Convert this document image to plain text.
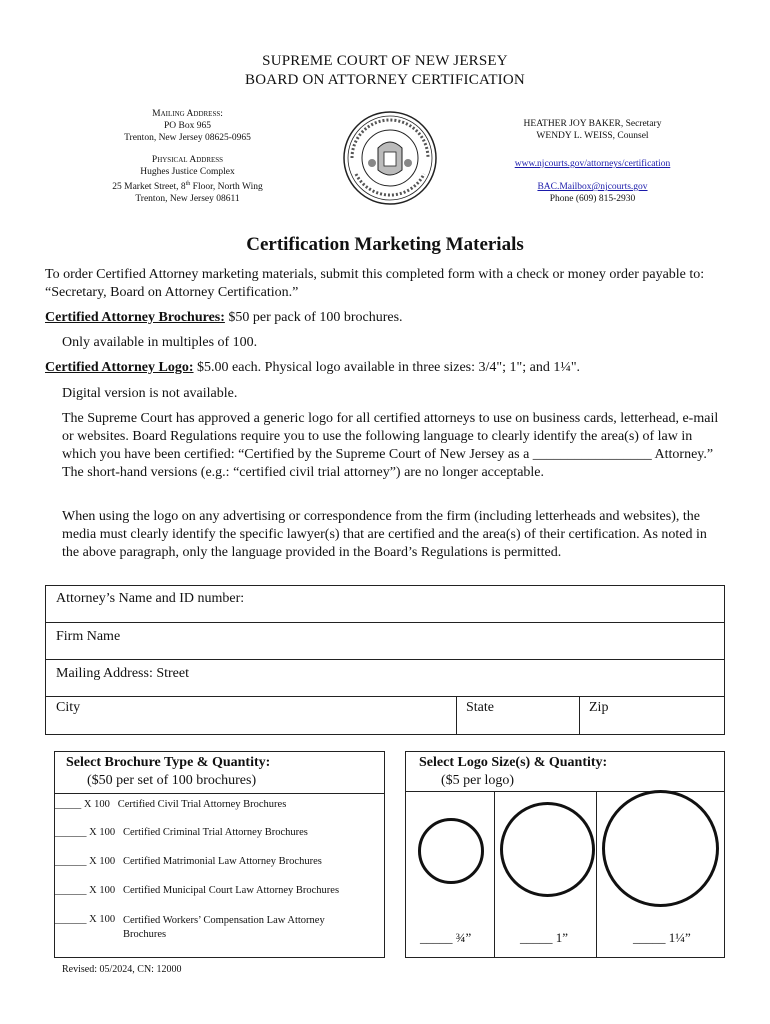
SUPREME COURT OF NEW JERSEY
BOARD ON ATTORNEY CERTIFICATION
Mailing Address:
PO Box 965
Trenton, New Jersey 08625-0965
Physical Address
Hughes Justice Complex
25 Market Street, 8th Floor, North Wing
Trenton, New Jersey 08611
HEATHER JOY BAKER, Secretary
WENDY L. WEISS, Counsel
www.njcourts.gov/attorneys/certification
BAC.Mailbox@njcourts.gov
Phone (609) 815-2930
Certification Marketing Materials
To order Certified Attorney marketing materials, submit this completed form with a check or money order payable to: “Secretary, Board on Attorney Certification.”
Certified Attorney Brochures: $50 per pack of 100 brochures.
Only available in multiples of 100.
Certified Attorney Logo: $5.00 each. Physical logo available in three sizes: 3/4"; 1"; and 1¼".
Digital version is not available.
The Supreme Court has approved a generic logo for all certified attorneys to use on business cards, letterhead, e-mail or websites. Board Regulations require you to use the following language to clearly identify the area(s) of law in which you have been certified: “Certified by the Supreme Court of New Jersey as a _________________ Attorney.” The short-hand versions (e.g.: “certified civil trial attorney”) are no longer acceptable.
When using the logo on any advertising or correspondence from the firm (including letterheads and websites), the media must clearly identify the specific lawyer(s) that are certified and the area(s) of their certification. As noted in the above paragraph, only the language provided in the Board’s Regulations is permitted.
Attorney’s Name and ID number:
Firm Name
Mailing Address: Street
City	State	Zip
Select Brochure Type & Quantity:
($50 per set of 100 brochures)
_____ X 100 Certified Civil Trial Attorney Brochures
______ X 100 Certified Criminal Trial Attorney Brochures
______ X 100 Certified Matrimonial Law Attorney Brochures
______ X 100 Certified Municipal Court Law Attorney Brochures
______ X 100 Certified Workers’ Compensation Law Attorney Brochures
Select Logo Size(s) & Quantity:
($5 per logo)
_____ ¾”	_____ 1”	_____ 1¼”
Revised: 05/2024, CN: 12000
